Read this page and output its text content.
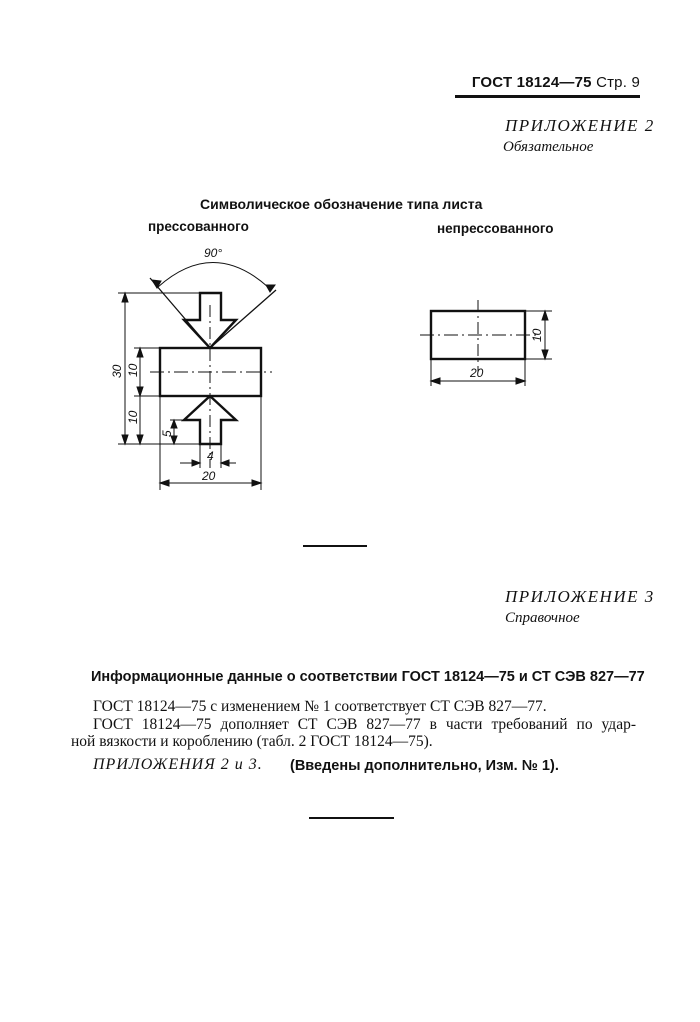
ГОСТ 18124—75 Стр. 9
ПРИЛОЖЕНИЕ 2
Обязательное
Символическое обозначение типа листа
прессованного	непрессованного
90°
30 10
10
5
4
20
10
20
ПРИЛОЖЕНИЕ 3
Справочное
Информационные данные о соответствии ГОСТ 18124—75 и СТ СЭВ 827—77
ГОСТ 18124—75 с изменением № 1 соответствует СТ СЭВ 827—77.
ГОСТ 18124—75 дополняет СТ СЭВ 827—77 в части требований по удар-
ной вязкости и короблению (табл. 2 ГОСТ 18124—75).
ПРИЛОЖЕНИЯ 2 и 3. (Введены дополнительно, Изм. № 1).
